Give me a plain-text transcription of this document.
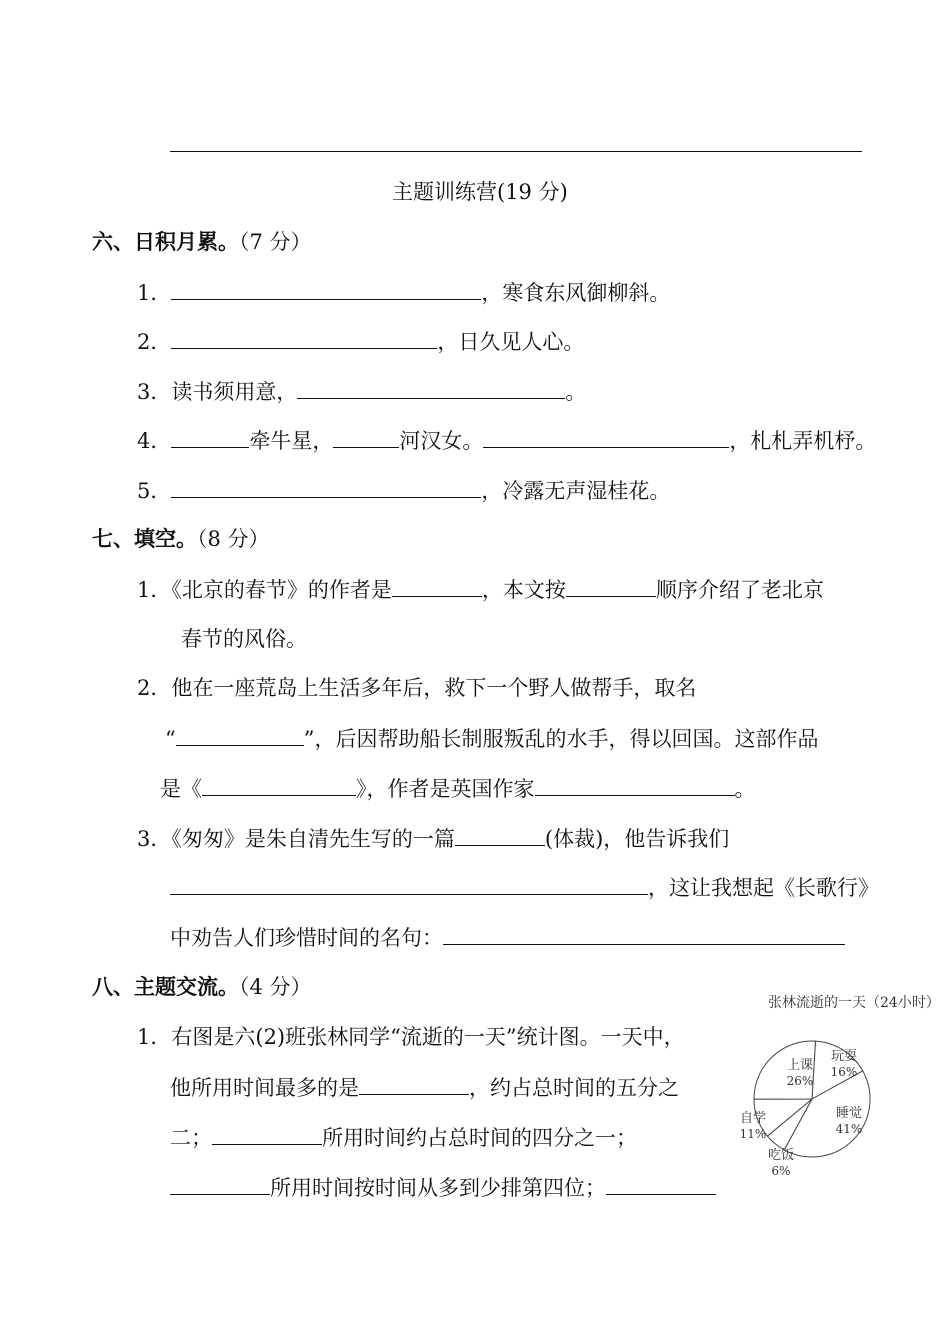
主题训练营(19 分)
六、日积月累。（7 分）
1．	，寒食东风御柳斜。
2．	，日久见人心。
3．读书须用意，	。
4．	牵牛星，	河汉女。	，札札弄机杼。
5．	，冷露无声湿桂花。
七、填空。（8 分）
1．《北京的春节》的作者是	，本文按	顺序介绍了老北京
春节的风俗。
2．他在一座荒岛上生活多年后，救下一个野人做帮手，取名
“	”，后因帮助船长制服叛乱的水手，得以回国。这部作品
是《	》，作者是英国作家	。
3．《匆匆》是朱自清先生写的一篇	(体裁)，他告诉我们
，这让我想起《长歌行》
中劝告人们珍惜时间的名句：
八、主题交流。（4 分）
1．右图是六(2)班张林同学“流逝的一天”统计图。一天中，
他所用时间最多的是	，约占总时间的五分之
二；	所用时间约占总时间的四分之一；
所用时间按时间从多到少排第四位；
张林流逝的一天（24小时）
玩耍
16%
睡觉
41%
吃饭
6%
自学
11%
上课
26%
